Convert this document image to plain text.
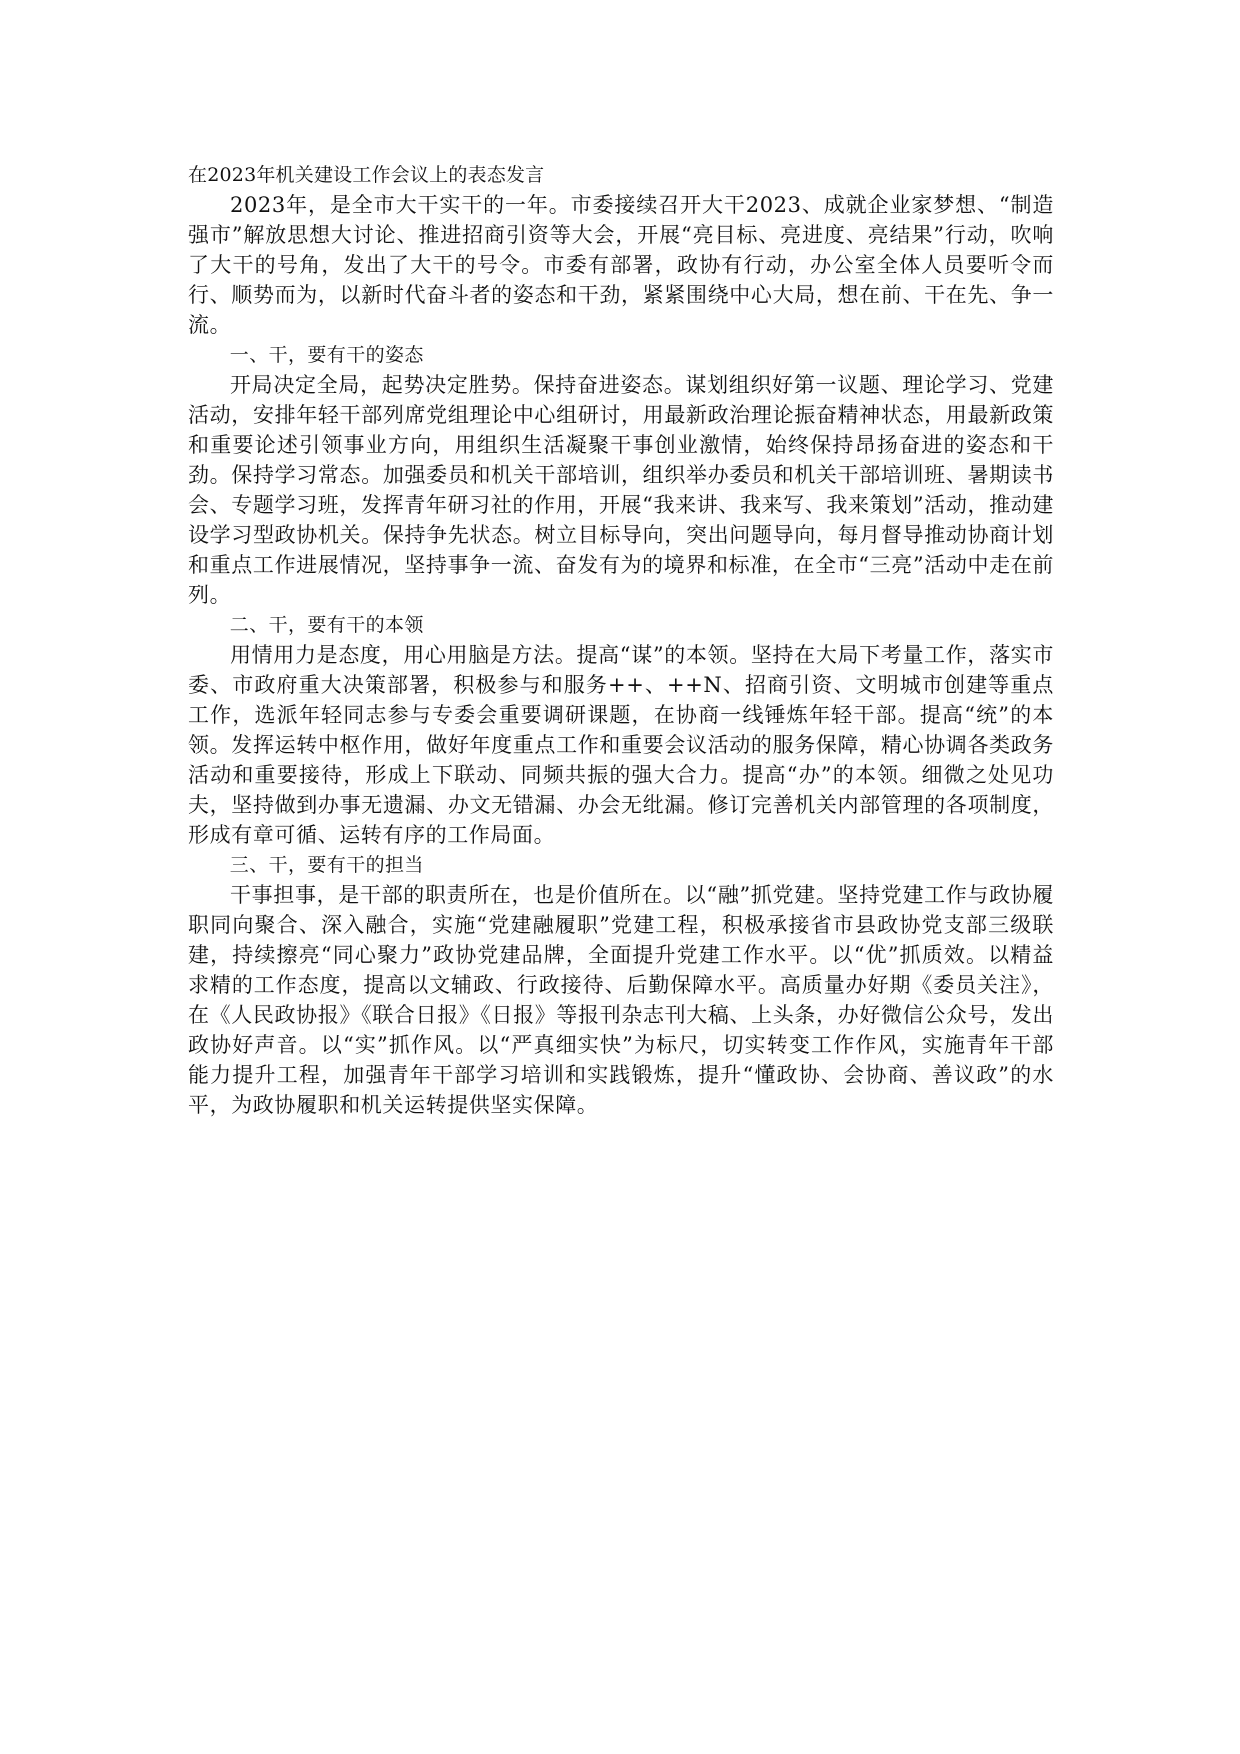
在2023年机关建设工作会议上的表态发言

2023年，是全市大干实干的一年。市委接续召开大干2023、成就企业家梦想、“制造强市”解放思想大讨论、推进招商引资等大会，开展“亮目标、亮进度、亮结果”行动，吹响了大干的号角，发出了大干的号令。市委有部署，政协有行动，办公室全体人员要听令而行、顺势而为，以新时代奋斗者的姿态和干劲，紧紧围绕中心大局，想在前、干在先、争一流。

一、干，要有干的姿态

开局决定全局，起势决定胜势。保持奋进姿态。谋划组织好第一议题、理论学习、党建活动，安排年轻干部列席党组理论中心组研讨，用最新政治理论振奋精神状态，用最新政策和重要论述引领事业方向，用组织生活凝聚干事创业激情，始终保持昂扬奋进的姿态和干劲。保持学习常态。加强委员和机关干部培训，组织举办委员和机关干部培训班、暑期读书会、专题学习班，发挥青年研习社的作用，开展“我来讲、我来写、我来策划”活动，推动建设学习型政协机关。保持争先状态。树立目标导向，突出问题导向，每月督导推动协商计划和重点工作进展情况，坚持事争一流、奋发有为的境界和标准，在全市“三亮”活动中走在前列。

二、干，要有干的本领

用情用力是态度，用心用脑是方法。提高“谋”的本领。坚持在大局下考量工作，落实市委、市政府重大决策部署，积极参与和服务++、++N、招商引资、文明城市创建等重点工作，选派年轻同志参与专委会重要调研课题，在协商一线锤炼年轻干部。提高“统”的本领。发挥运转中枢作用，做好年度重点工作和重要会议活动的服务保障，精心协调各类政务活动和重要接待，形成上下联动、同频共振的强大合力。提高“办”的本领。细微之处见功夫，坚持做到办事无遗漏、办文无错漏、办会无纰漏。修订完善机关内部管理的各项制度，形成有章可循、运转有序的工作局面。

三、干，要有干的担当

干事担事，是干部的职责所在，也是价值所在。以“融”抓党建。坚持党建工作与政协履职同向聚合、深入融合，实施“党建融履职”党建工程，积极承接省市县政协党支部三级联建，持续擦亮“同心聚力”政协党建品牌，全面提升党建工作水平。以“优”抓质效。以精益求精的工作态度，提高以文辅政、行政接待、后勤保障水平。高质量办好期《委员关注》，在《人民政协报》《联合日报》《日报》等报刊杂志刊大稿、上头条，办好微信公众号，发出政协好声音。以“实”抓作风。以“严真细实快”为标尺，切实转变工作作风，实施青年干部能力提升工程，加强青年干部学习培训和实践锻炼，提升“懂政协、会协商、善议政”的水平，为政协履职和机关运转提供坚实保障。
